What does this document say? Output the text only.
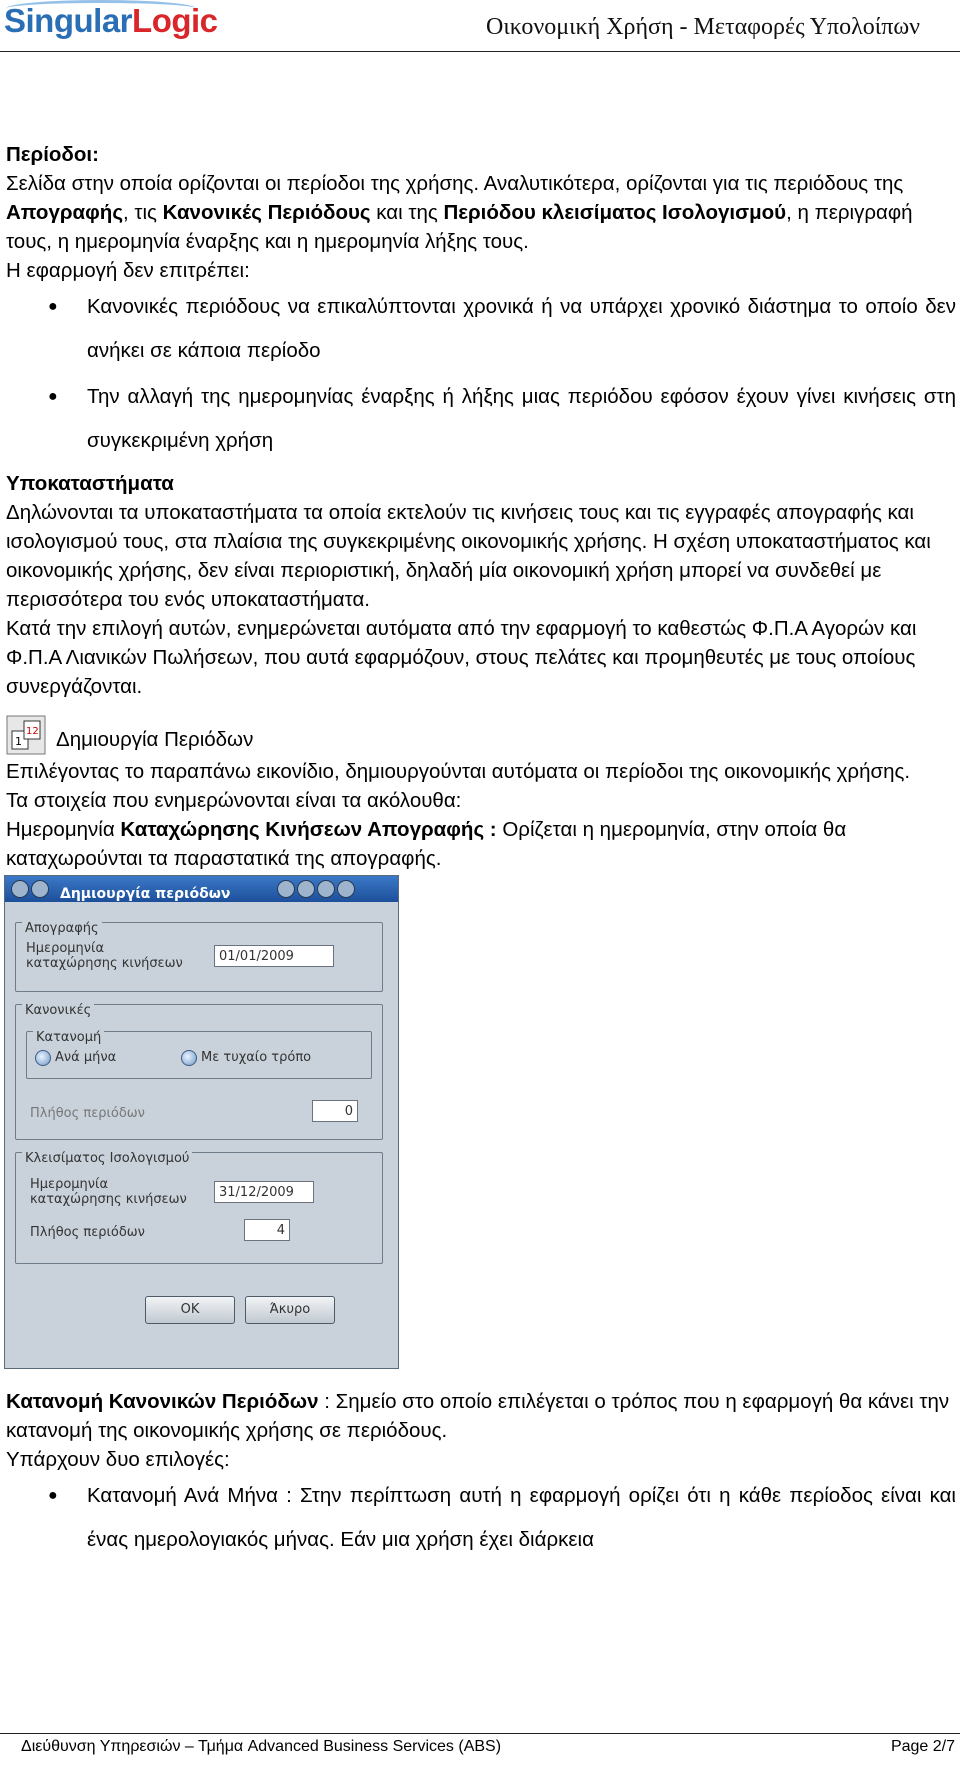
SingularLogic	Οικονομική Χρήση - Μεταφορές Υπολοίπων

Περίοδοι:

Σελίδα στην οποία ορίζονται οι περίοδοι της χρήσης. Αναλυτικότερα, ορίζονται για τις περιόδους της Απογραφής, τις Κανονικές Περιόδους και της Περιόδου κλεισίματος Ισολογισμού, η περιγραφή τους, η ημερομηνία έναρξης και η ημερομηνία λήξης τους.

Η εφαρμογή δεν επιτρέπει:

● Κανονικές περιόδους να επικαλύπτονται χρονικά ή να υπάρχει χρονικό διάστημα το οποίο δεν ανήκει σε κάποια περίοδο
● Την αλλαγή της ημερομηνίας έναρξης ή λήξης μιας περιόδου εφόσον έχουν γίνει κινήσεις στη συγκεκριμένη χρήση

Υποκαταστήματα

Δηλώνονται τα υποκαταστήματα τα οποία εκτελούν τις κινήσεις τους και τις εγγραφές απογραφής και ισολογισμού τους, στα πλαίσια της συγκεκριμένης οικονομικής χρήσης. Η σχέση υποκαταστήματος και οικονομικής χρήσης, δεν είναι περιοριστική, δηλαδή μία οικονομική χρήση μπορεί να συνδεθεί με περισσότερα του ενός υποκαταστήματα.

Κατά την επιλογή αυτών, ενημερώνεται αυτόματα από την εφαρμογή το καθεστώς Φ.Π.Α Αγορών και Φ.Π.Α Λιανικών Πωλήσεων, που αυτά εφαρμόζουν, στους πελάτες και προμηθευτές με τους οποίους συνεργάζονται.

1
12 Δημιουργία Περιόδων

Επιλέγοντας το παραπάνω εικονίδιο, δημιουργούνται αυτόματα οι περίοδοι της οικονομικής χρήσης.

Τα στοιχεία που ενημερώνονται είναι τα ακόλουθα:

Ημερομηνία Καταχώρησης Κινήσεων Απογραφής : Ορίζεται η ημερομηνία, στην οποία θα καταχωρούνται τα παραστατικά της απογραφής.

Δημιουργία περιόδων
Απογραφής
Ημερομηνία
καταχώρησης κινήσεων	01/01/2009
Κανονικές
Κατανομή
Ανά μήνα	Με τυχαίο τρόπο
Πλήθος περιόδων	0
Κλεισίματος Ισολογισμού
Ημερομηνία
καταχώρησης κινήσεων	31/12/2009
Πλήθος περιόδων	4
OK	Άκυρο

Κατανομή Κανονικών Περιόδων : Σημείο στο οποίο επιλέγεται ο τρόπος που η εφαρμογή θα κάνει την κατανομή της οικονομικής χρήσης σε περιόδους.

Υπάρχουν δυο επιλογές:

● Κατανομή Ανά Μήνα : Στην περίπτωση αυτή η εφαρμογή ορίζει ότι η κάθε περίοδος είναι και ένας ημερολογιακός μήνας. Εάν μια χρήση έχει διάρκεια
Διεύθυνση Υπηρεσιών – Τμήμα Advanced Business Services (ABS)	Page 2/7
